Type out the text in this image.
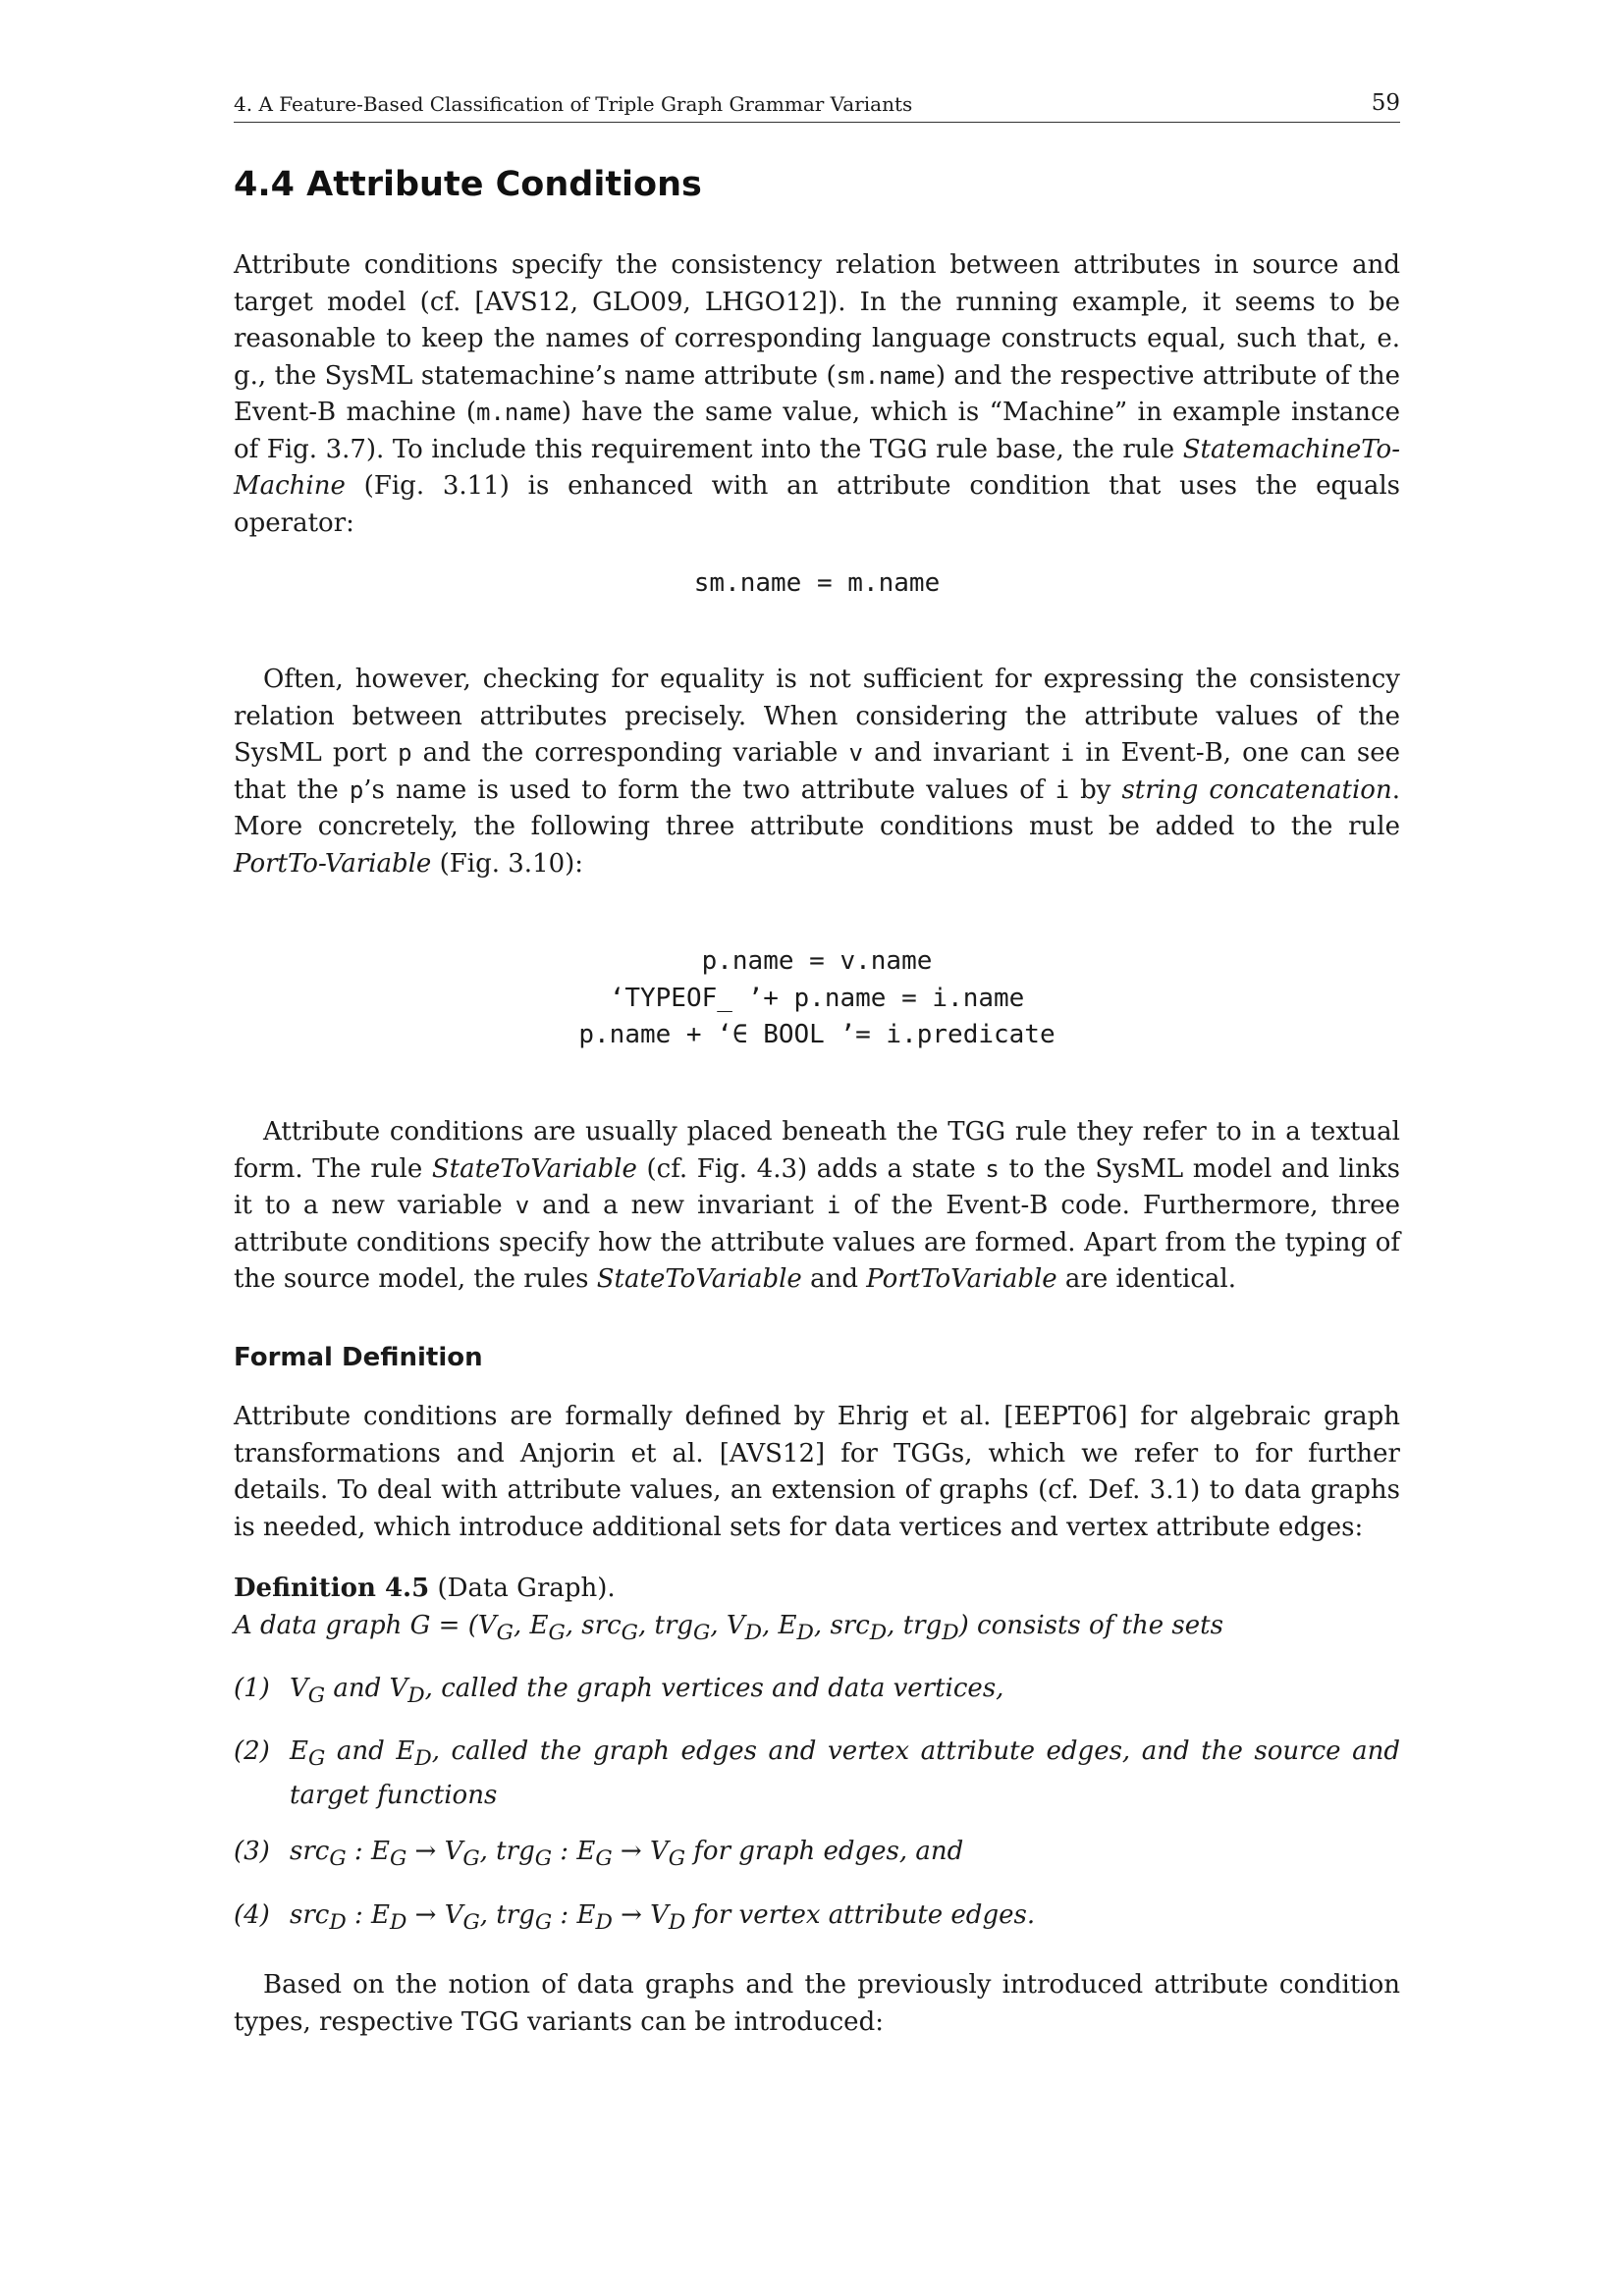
4. A Feature-Based Classification of Triple Graph Grammar Variants	59
4.4 Attribute Conditions

Attribute conditions specify the consistency relation between attributes in source and target model (cf. [AVS12, GLO09, LHGO12]). In the running example, it seems to be reasonable to keep the names of corresponding language constructs equal, such that, e. g., the SysML statemachine’s name attribute (sm.name) and the respective attribute of the Event-B machine (m.name) have the same value, which is “Machine” in example instance of Fig. 3.7). To include this requirement into the TGG rule base, the rule StatemachineTo-Machine (Fig. 3.11) is enhanced with an attribute condition that uses the equals operator:

sm.name = m.name

Often, however, checking for equality is not sufficient for expressing the consistency relation between attributes precisely. When considering the attribute values of the SysML port p and the corresponding variable v and invariant i in Event-B, one can see that the p’s name is used to form the two attribute values of i by string concatenation. More concretely, the following three attribute conditions must be added to the rule PortTo-Variable (Fig. 3.10):

p.name = v.name

‘TYPEOF_ ’+ p.name = i.name

p.name + ‘∈ BOOL ’= i.predicate

Attribute conditions are usually placed beneath the TGG rule they refer to in a textual form. The rule StateToVariable (cf. Fig. 4.3) adds a state s to the SysML model and links it to a new variable v and a new invariant i of the Event-B code. Furthermore, three attribute conditions specify how the attribute values are formed. Apart from the typing of the source model, the rules StateToVariable and PortToVariable are identical.

Formal Definition

Attribute conditions are formally defined by Ehrig et al. [EEPT06] for algebraic graph transformations and Anjorin et al. [AVS12] for TGGs, which we refer to for further details. To deal with attribute values, an extension of graphs (cf. Def. 3.1) to data graphs is needed, which introduce additional sets for data vertices and vertex attribute edges:

Definition 4.5 (Data Graph).

A data graph $G = (V_G$, $E_G$, src$_G$, trg$_G$, $V_D$, $E_D$, src$_D$, trg$_D$) consists of the sets

(1) $V_G$ and $V_D$, called the graph vertices and data vertices,
(2) $E_G$ and $E_D$, called the graph edges and vertex attribute edges, and the source and target functions
(3) src$_G$ : $E_G \to V_G$, trg$_G$ : $E_G \to V_G$ for graph edges, and
(4) src$_D$ : $E_D \to V_G$, trg$_G$ : $E_D \to V_D$ for vertex attribute edges.

Based on the notion of data graphs and the previously introduced attribute condition types, respective TGG variants can be introduced:
